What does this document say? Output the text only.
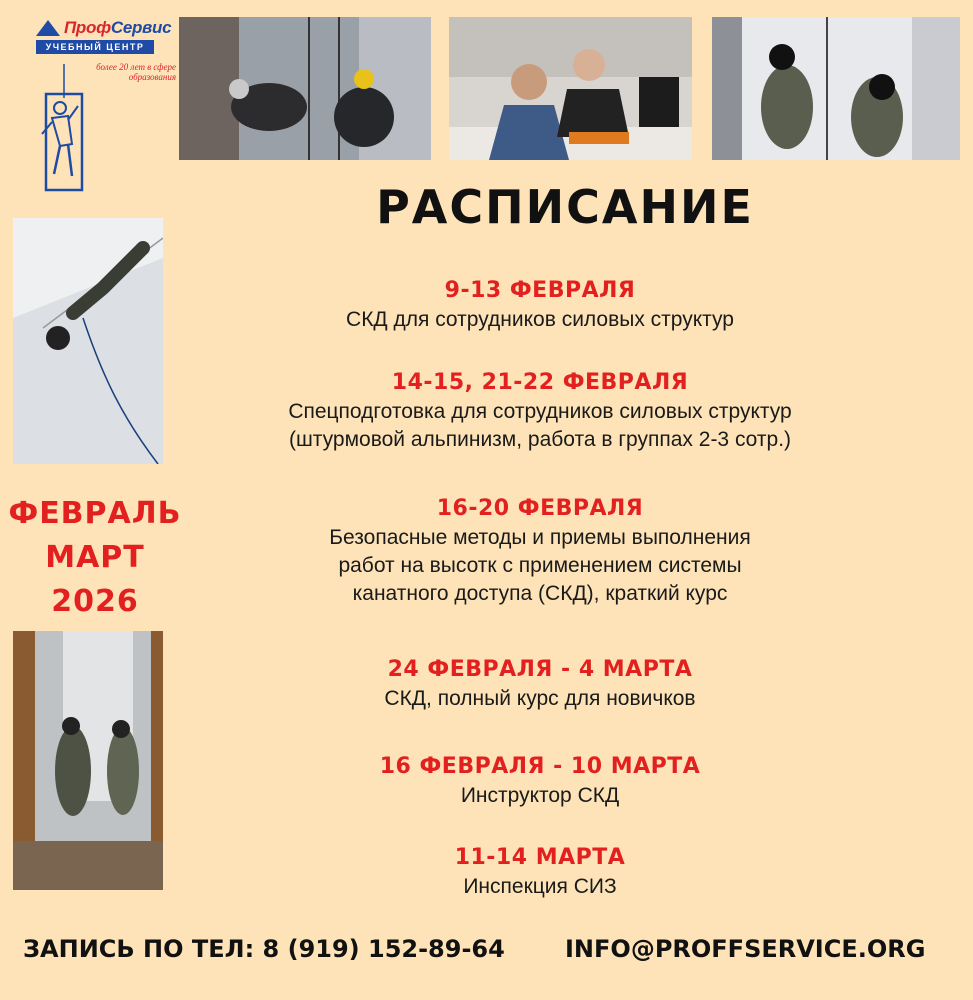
ПрофСервис
УЧЕБНЫЙ ЦЕНТР
более 20 лет в сфере образования
РАСПИСАНИЕ
ФЕВРАЛЬ
МАРТ
2026
9-13 ФЕВРАЛЯ
СКД для сотрудников силовых структур
14-15, 21-22 ФЕВРАЛЯ
Спецподготовка для сотрудников силовых структур
(штурмовой альпинизм, работа в группах 2-3 сотр.)
16-20 ФЕВРАЛЯ
Безопасные методы и приемы выполнения
работ на высотк с применением системы
канатного доступа (СКД), краткий курс
24 ФЕВРАЛЯ - 4 МАРТА
СКД, полный курс для новичков
16 ФЕВРАЛЯ - 10 МАРТА
Инструктор СКД
11-14 МАРТА
Инспекция СИЗ
ЗАПИСЬ ПО ТЕЛ: 8 (919) 152-89-64	INFO@PROFFSERVICE.ORG
